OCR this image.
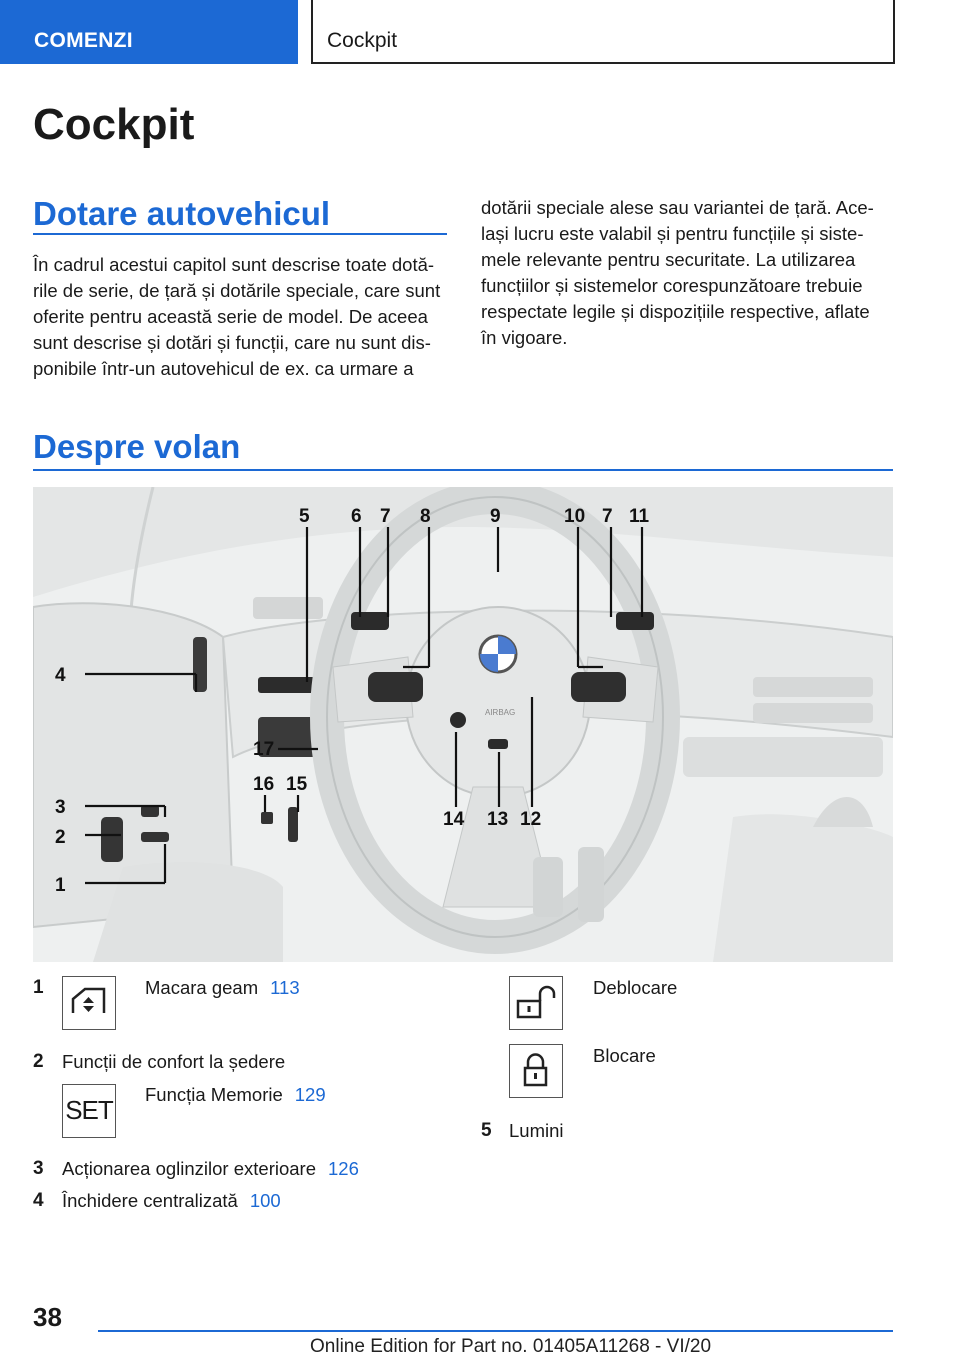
COMENZI	Cockpit
Cockpit
Dotare autovehicul
În cadrul acestui capitol sunt descrise toate dotă-
rile de serie, de țară și dotările speciale, care sunt
oferite pentru această serie de model. De aceea
sunt descrise și dotări și funcții, care nu sunt dis-
ponibile într-un autovehicul de ex. ca urmare a
dotării speciale alese sau variantei de țară. Ace-
lași lucru este valabil și pentru funcțiile și siste-
mele relevante pentru securitate. La utilizarea
funcțiilor și sistemelor corespunzătoare trebuie
respectate legile și dispozițiile respective, aflate
în vigoare.
Despre volan
AIRBAG
4
3
2
1
5 6 7 8	9	10 7 11
12
13
14
15
16
17
1	Macara geam 113
2 Funcții de confort la ședere
SET
Funcția Memorie 129
3 Acționarea oglinzilor exterioare 126
4 Închidere centralizată 100
Deblocare
Blocare
5 Lumini
38
Online Edition for Part no. 01405A11268 - VI/20
